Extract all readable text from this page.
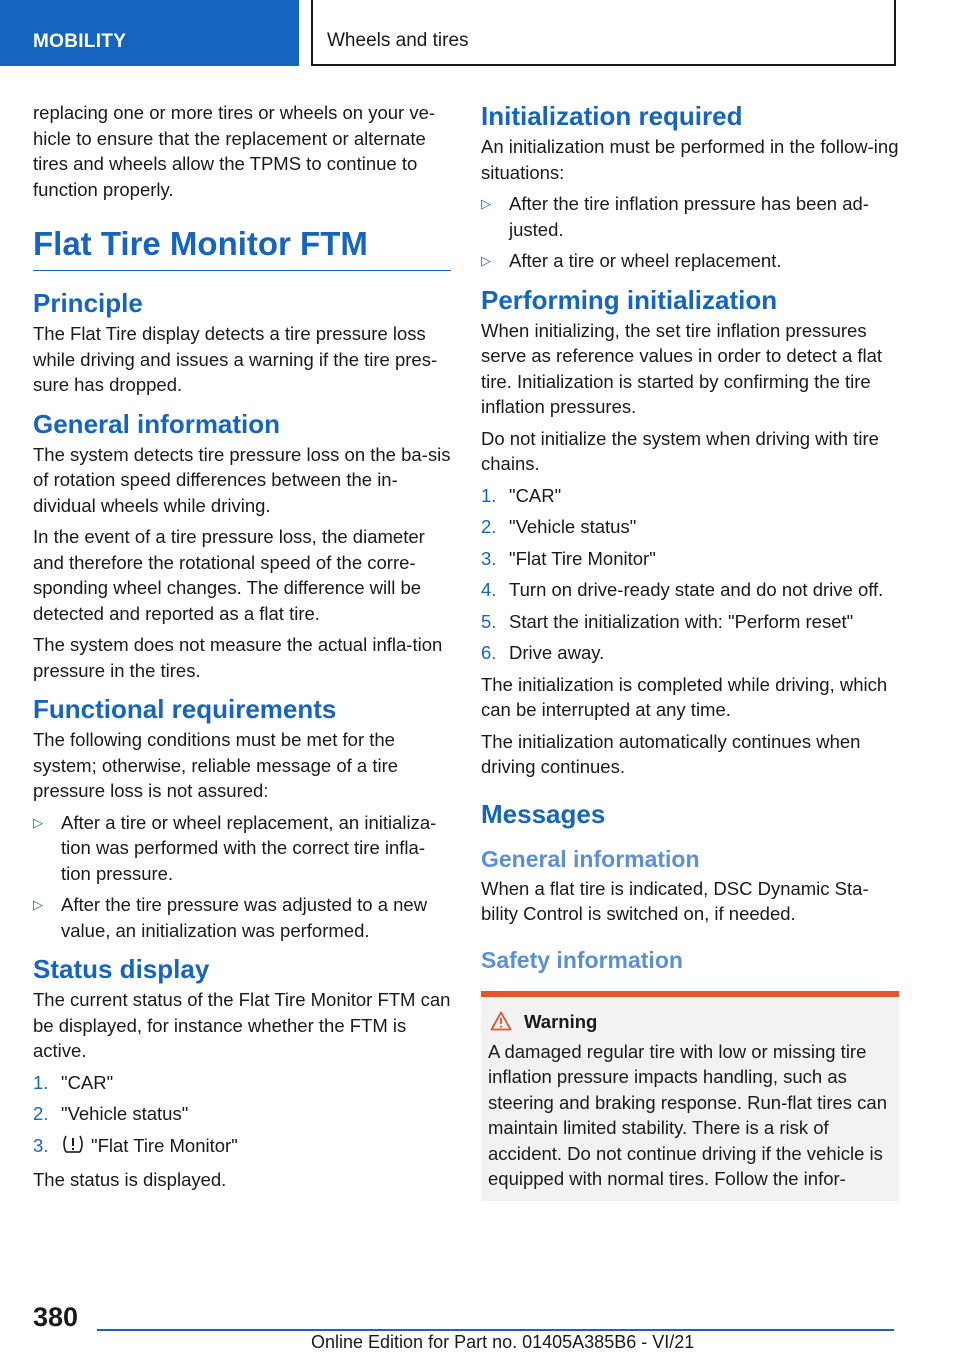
MOBILITY	Wheels and tires

replacing one or more tires or wheels on your ve-hicle to ensure that the replacement or alternate tires and wheels allow the TPMS to continue to function properly.

Flat Tire Monitor FTM
Principle

The Flat Tire display detects a tire pressure loss while driving and issues a warning if the tire pres-sure has dropped.

General information

The system detects tire pressure loss on the ba-sis of rotation speed differences between the in-dividual wheels while driving.

In the event of a tire pressure loss, the diameter and therefore the rotational speed of the corre-sponding wheel changes. The difference will be detected and reported as a flat tire.

The system does not measure the actual infla-tion pressure in the tires.

Functional requirements

The following conditions must be met for the system; otherwise, reliable message of a tire pressure loss is not assured:

▷ After a tire or wheel replacement, an initializa-tion was performed with the correct tire infla-tion pressure.
▷ After the tire pressure was adjusted to a new value, an initialization was performed.
Status display

The current status of the Flat Tire Monitor FTM can be displayed, for instance whether the FTM is active.

1. "CAR"
2. "Vehicle status"
3. "Flat Tire Monitor"

The status is displayed.

Initialization required

An initialization must be performed in the follow-ing situations:

▷ After the tire inflation pressure has been ad-justed.
▷ After a tire or wheel replacement.
Performing initialization

When initializing, the set tire inflation pressures serve as reference values in order to detect a flat tire. Initialization is started by confirming the tire inflation pressures.

Do not initialize the system when driving with tire chains.

1. "CAR"
2. "Vehicle status"
3. "Flat Tire Monitor"
4. Turn on drive-ready state and do not drive off.
5. Start the initialization with: "Perform reset"
6. Drive away.

The initialization is completed while driving, which can be interrupted at any time.

The initialization automatically continues when driving continues.

Messages
General information

When a flat tire is indicated, DSC Dynamic Sta-bility Control is switched on, if needed.

Safety information
Warning

A damaged regular tire with low or missing tire inflation pressure impacts handling, such as steering and braking response. Run-flat tires can maintain limited stability. There is a risk of accident. Do not continue driving if the vehicle is equipped with normal tires. Follow the infor-

380
Online Edition for Part no. 01405A385B6 - VI/21
